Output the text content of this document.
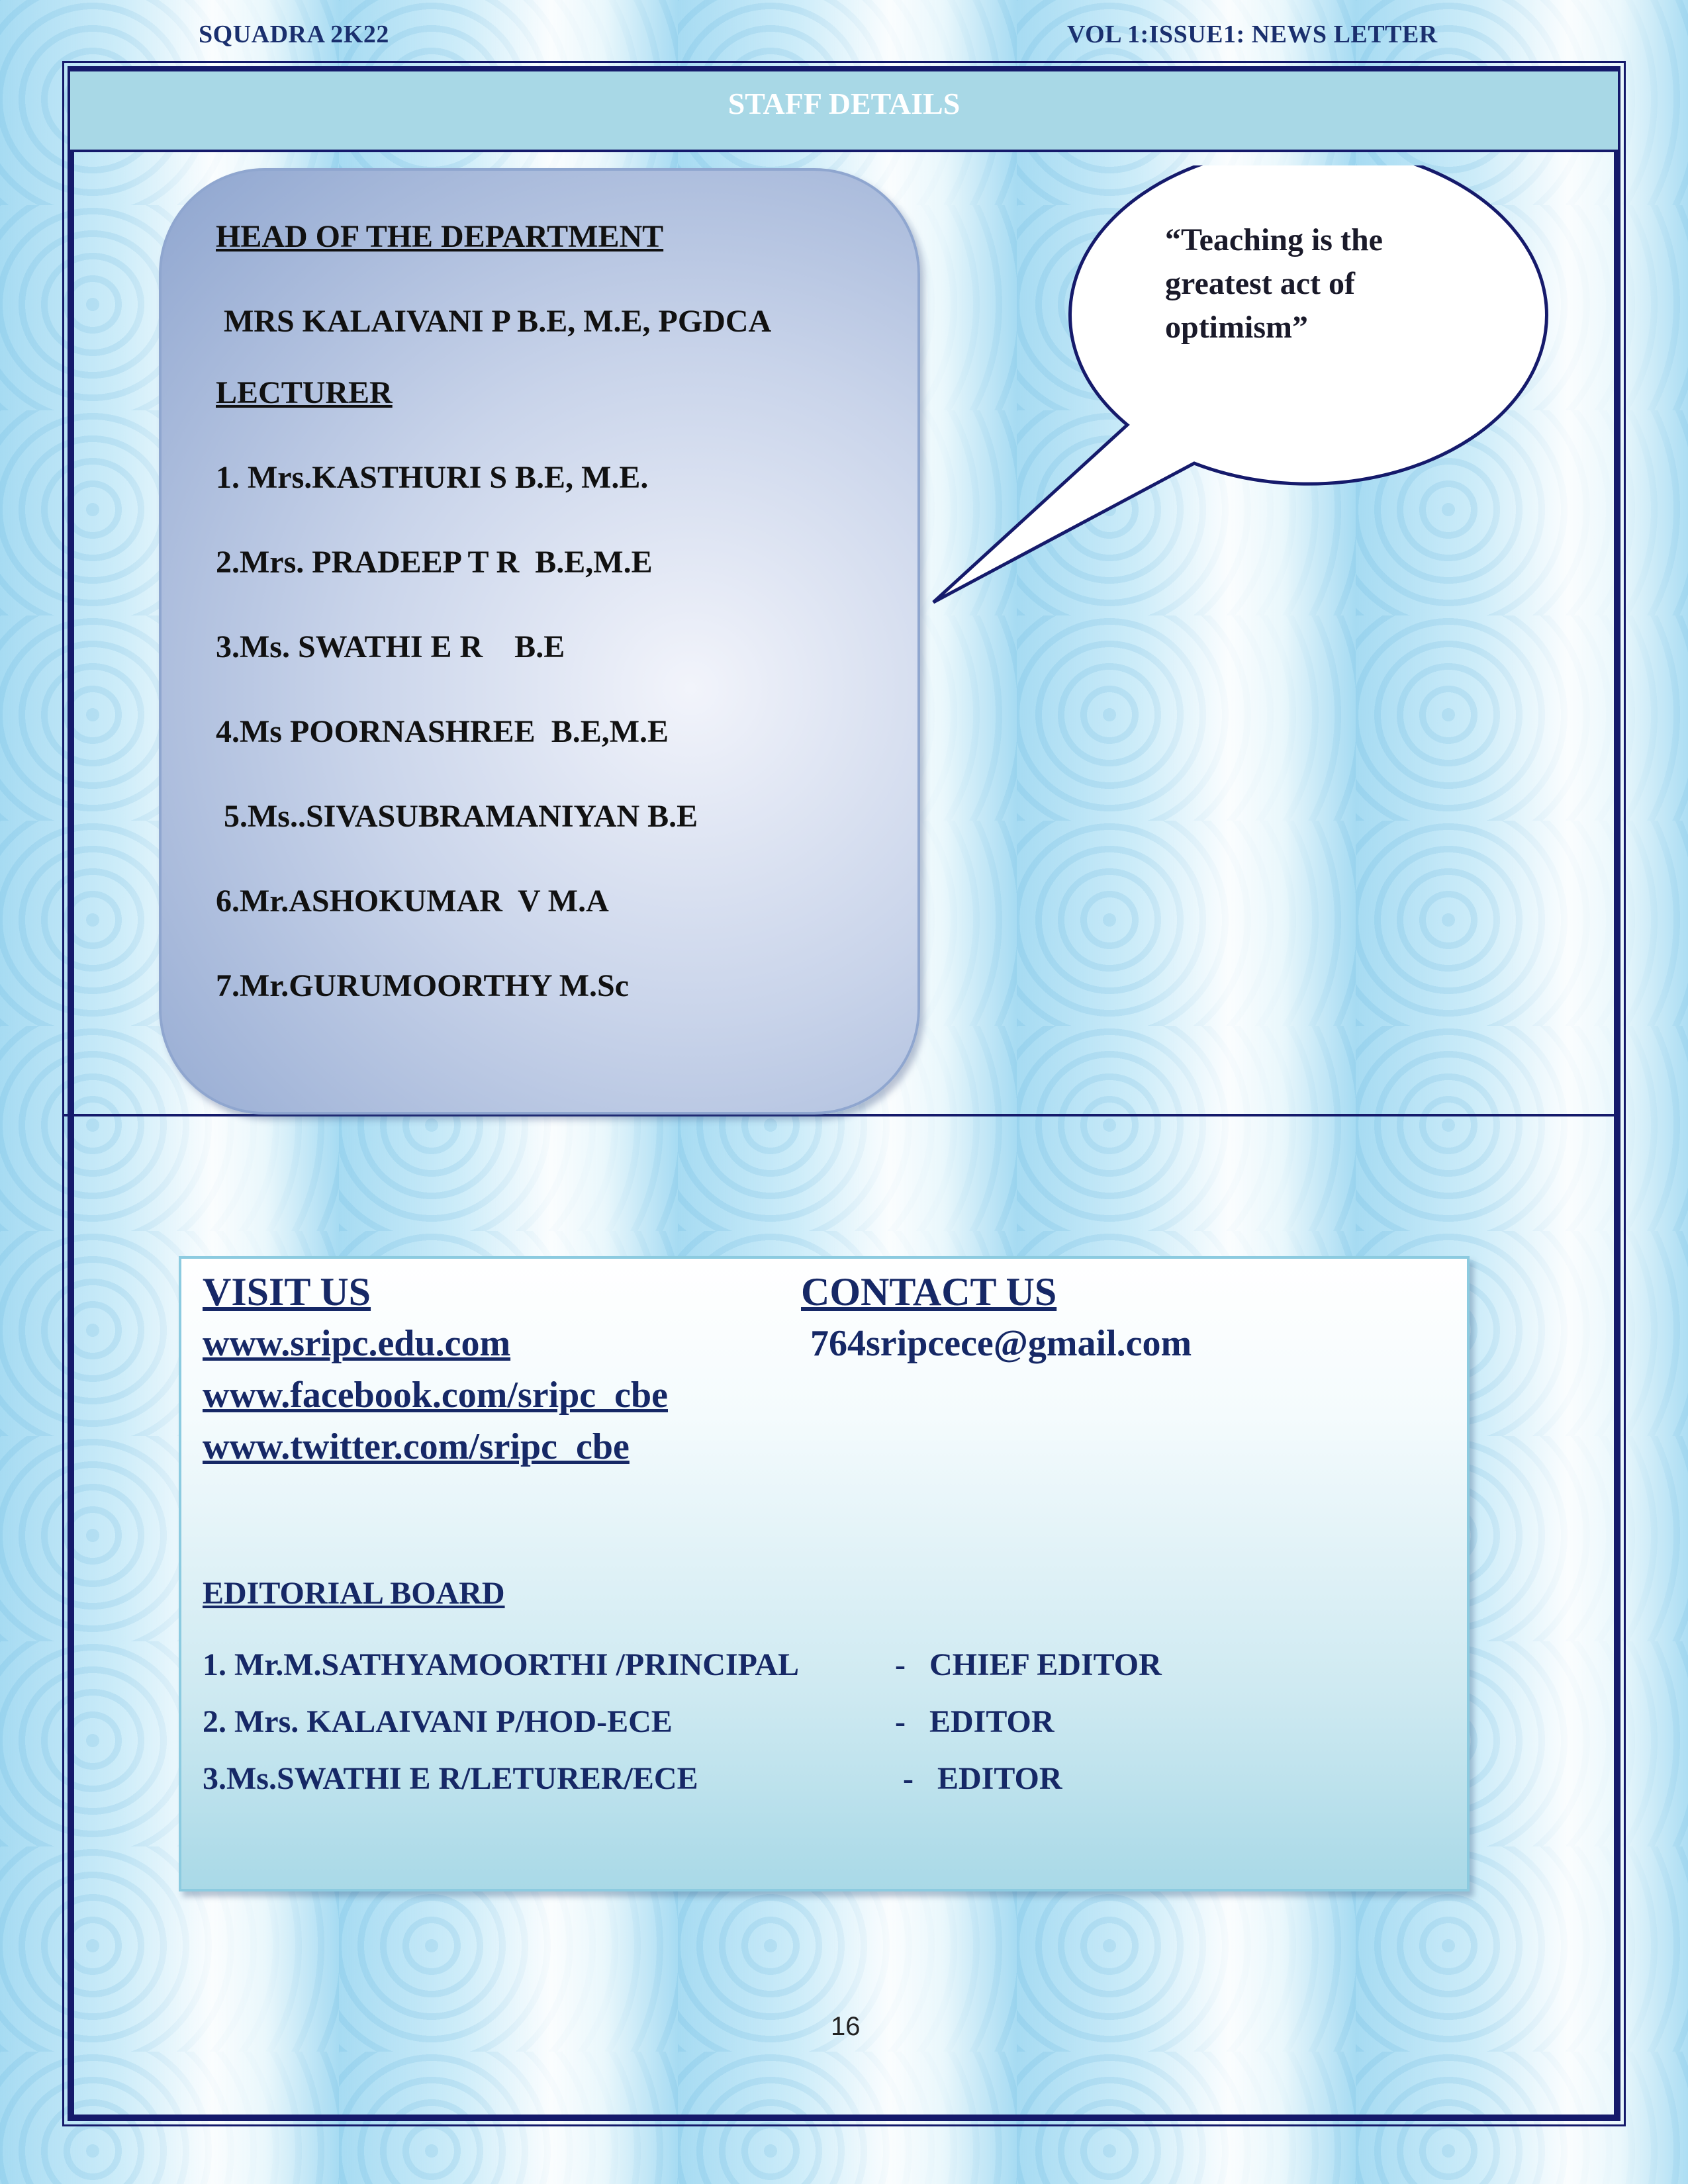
SQUADRA 2K22	VOL 1:ISSUE1: NEWS LETTER
STAFF DETAILS
HEAD OF THE DEPARTMENT
MRS KALAIVANI P B.E, M.E, PGDCA
LECTURER
1. Mrs.KASTHURI S B.E, M.E.
2.Mrs. PRADEEP T R  B.E,M.E
3.Ms. SWATHI E R    B.E
4.Ms POORNASHREE  B.E,M.E
5.Ms..SIVASUBRAMANIYAN B.E
6.Mr.ASHOKUMAR  V M.A
7.Mr.GURUMOORTHY M.Sc
“Teaching is the
greatest act of
optimism”
VISIT US
www.sripc.edu.com
www.facebook.com/sripc_cbe
www.twitter.com/sripc_cbe
CONTACT US
764sripcece@gmail.com
EDITORIAL BOARD
1. Mr.M.SATHYAMOORTHI /PRINCIPAL	-   CHIEF EDITOR
2. Mrs. KALAIVANI P/HOD-ECE	-   EDITOR
3.Ms.SWATHI E R/LETURER/ECE	-   EDITOR
16
